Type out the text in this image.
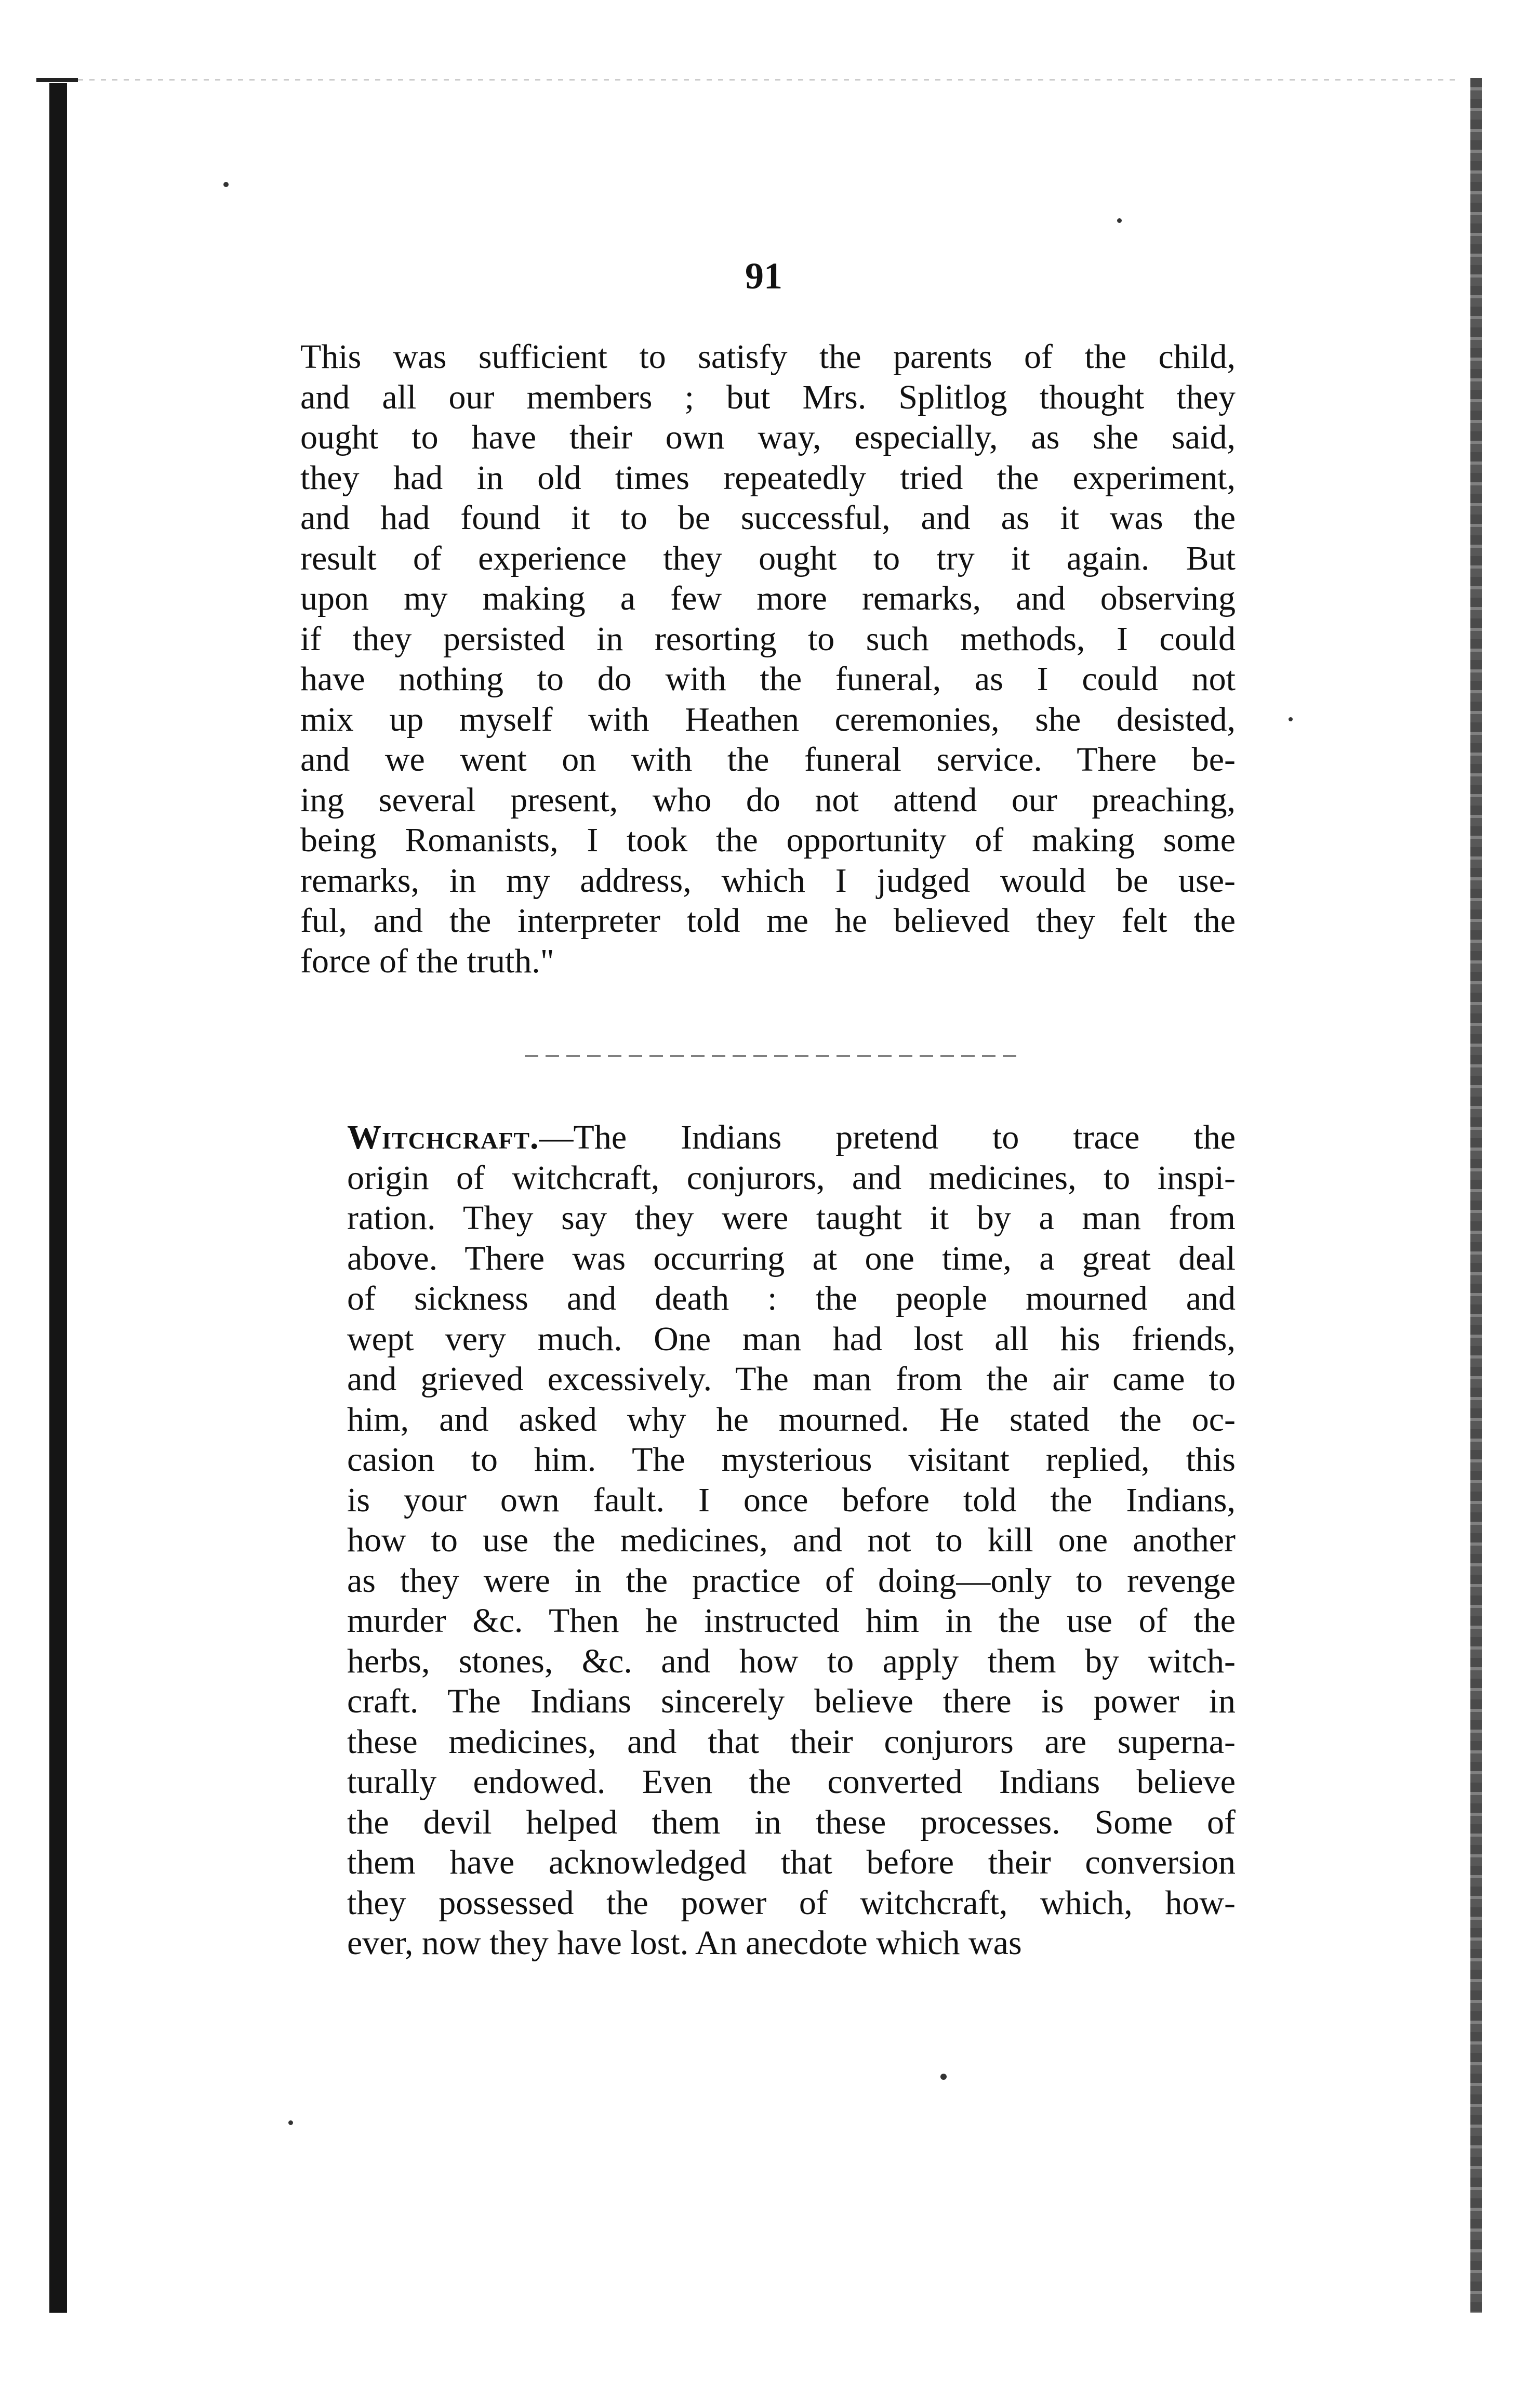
91
This was sufficient to satisfy the parents of the child,
and all our members ; but Mrs. Splitlog thought they
ought to have their own way, especially, as she said,
they had in old times repeatedly tried the experiment,
and had found it to be successful, and as it was the
result of experience they ought to try it again. But
upon my making a few more remarks, and observing
if they persisted in resorting to such methods, I could
have nothing to do with the funeral, as I could not
mix up myself with Heathen ceremonies, she desisted,
and we went on with the funeral service. There be-
ing several present, who do not attend our preaching,
being Romanists, I took the opportunity of making some
remarks, in my address, which I judged would be use-
ful, and the interpreter told me he believed they felt the
force of the truth."
Witchcraft.—The Indians pretend to trace the
origin of witchcraft, conjurors, and medicines, to inspi-
ration. They say they were taught it by a man from
above. There was occurring at one time, a great deal
of sickness and death : the people mourned and
wept very much. One man had lost all his friends,
and grieved excessively. The man from the air came to
him, and asked why he mourned. He stated the oc-
casion to him. The mysterious visitant replied, this
is your own fault. I once before told the Indians,
how to use the medicines, and not to kill one another
as they were in the practice of doing—only to revenge
murder &c. Then he instructed him in the use of the
herbs, stones, &c. and how to apply them by witch-
craft. The Indians sincerely believe there is power in
these medicines, and that their conjurors are superna-
turally endowed. Even the converted Indians believe
the devil helped them in these processes. Some of
them have acknowledged that before their conversion
they possessed the power of witchcraft, which, how-
ever, now they have lost. An anecdote which was
